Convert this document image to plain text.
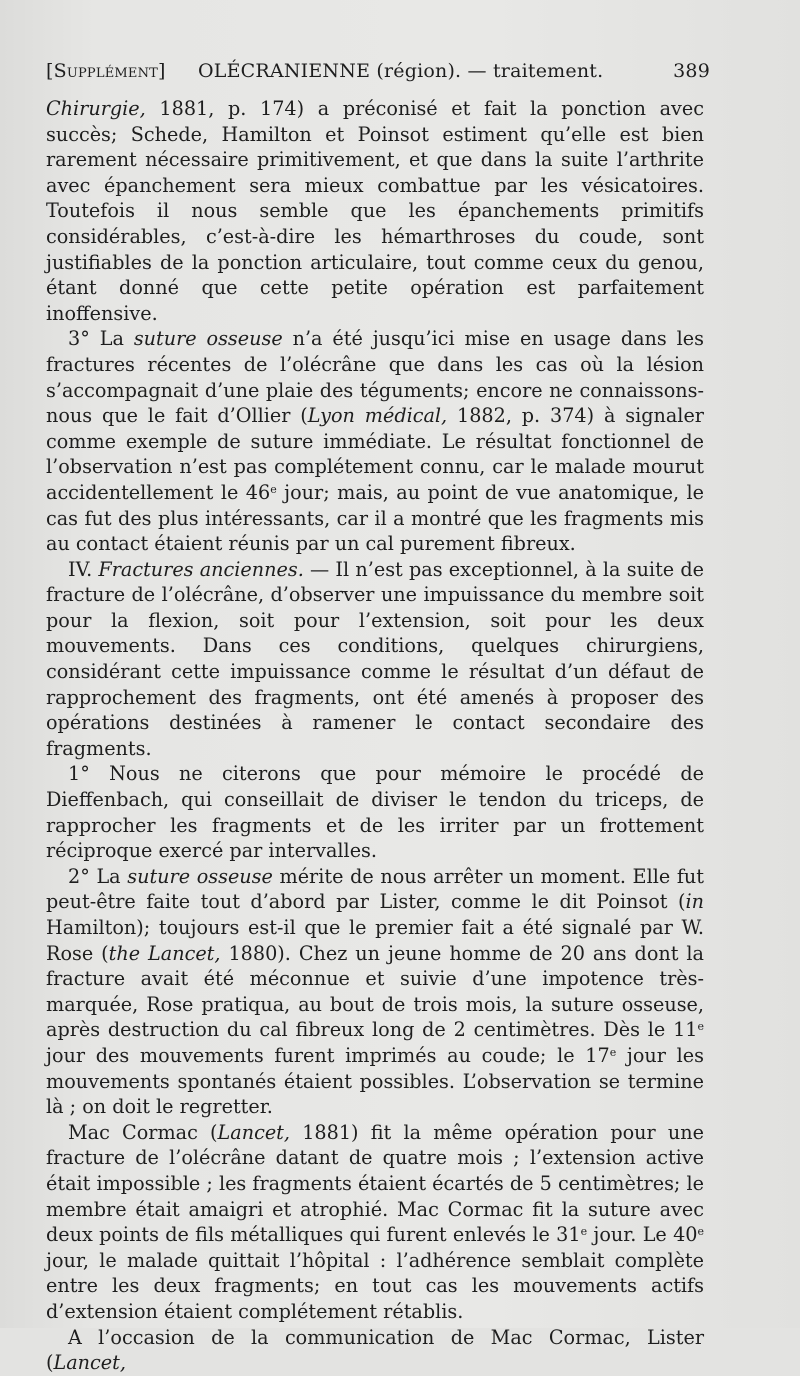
[Supplément] OLÉCRANIENNE (région). — traitement.	389

Chirurgie, 1881, p. 174) a préconisé et fait la ponction avec succès; Schede, Hamilton et Poinsot estiment qu’elle est bien rarement nécessaire primitivement, et que dans la suite l’arthrite avec épanchement sera mieux combattue par les vésicatoires. Toutefois il nous semble que les épanchements primitifs considérables, c’est-à-dire les hémarthroses du coude, sont justifiables de la ponction articulaire, tout comme ceux du genou, étant donné que cette petite opération est parfaitement inoffensive.

3° La suture osseuse n’a été jusqu’ici mise en usage dans les fractures récentes de l’olécrâne que dans les cas où la lésion s’accompagnait d’une plaie des téguments; encore ne connaissons-nous que le fait d’Ollier (Lyon médical, 1882, p. 374) à signaler comme exemple de suture immédiate. Le résultat fonctionnel de l’observation n’est pas complétement connu, car le malade mourut accidentellement le 46e jour; mais, au point de vue anatomique, le cas fut des plus intéressants, car il a montré que les fragments mis au contact étaient réunis par un cal purement fibreux.

IV. Fractures anciennes. — Il n’est pas exceptionnel, à la suite de fracture de l’olécrâne, d’observer une impuissance du membre soit pour la flexion, soit pour l’extension, soit pour les deux mouvements. Dans ces conditions, quelques chirurgiens, considérant cette impuissance comme le résultat d’un défaut de rapprochement des fragments, ont été amenés à proposer des opérations destinées à ramener le contact secondaire des fragments.

1° Nous ne citerons que pour mémoire le procédé de Dieffenbach, qui conseillait de diviser le tendon du triceps, de rapprocher les fragments et de les irriter par un frottement réciproque exercé par intervalles.

2° La suture osseuse mérite de nous arrêter un moment. Elle fut peut-être faite tout d’abord par Lister, comme le dit Poinsot (in Hamilton); toujours est-il que le premier fait a été signalé par W. Rose (the Lancet, 1880). Chez un jeune homme de 20 ans dont la fracture avait été méconnue et suivie d’une impotence très-marquée, Rose pratiqua, au bout de trois mois, la suture osseuse, après destruction du cal fibreux long de 2 centimètres. Dès le 11e jour des mouvements furent imprimés au coude; le 17e jour les mouvements spontanés étaient possibles. L’observation se termine là ; on doit le regretter.

Mac Cormac (Lancet, 1881) fit la même opération pour une fracture de l’olécrâne datant de quatre mois ; l’extension active était impossible ; les fragments étaient écartés de 5 centimètres; le membre était amaigri et atrophié. Mac Cormac fit la suture avec deux points de fils métalliques qui furent enlevés le 31e jour. Le 40e jour, le malade quittait l’hôpital : l’adhérence semblait complète entre les deux fragments; en tout cas les mouvements actifs d’extension étaient complétement rétablis.

A l’occasion de la communication de Mac Cormac, Lister (Lancet,
